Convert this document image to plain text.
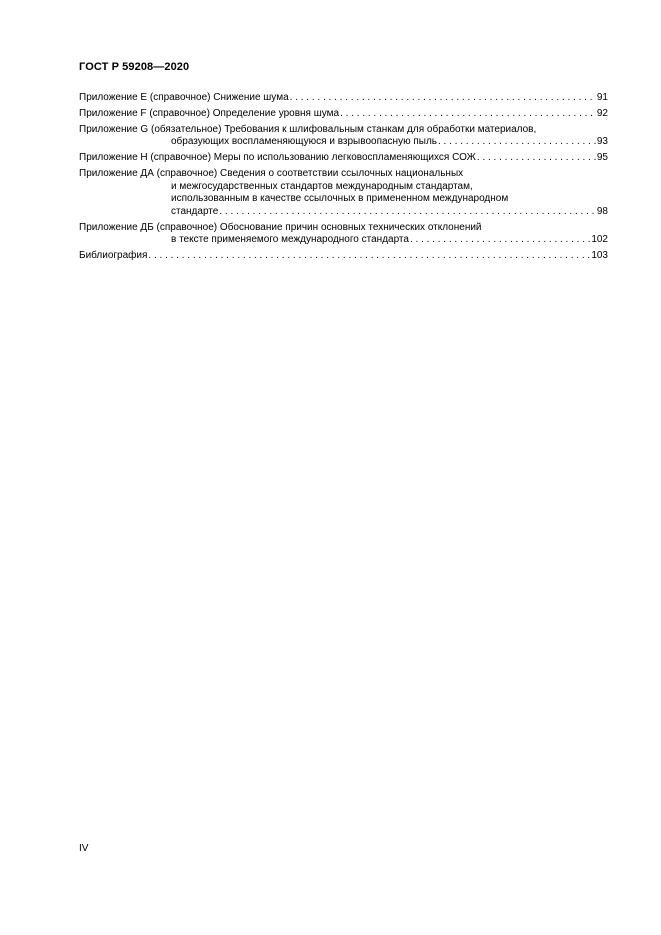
ГОСТ Р 59208—2020
Приложение E (справочное) Снижение шума . . .	91
Приложение F (справочное) Определение уровня шума . . .	92
Приложение G (обязательное) Требования к шлифовальным станкам для обработки материалов,
образующих воспламеняющуюся и взрывоопасную пыль . . .	93
Приложение H (справочное) Меры по использованию легковоспламеняющихся СОЖ . . .	95
Приложение ДА (справочное) Сведения о соответствии ссылочных национальных
и межгосударственных стандартов международным стандартам,
использованным в качестве ссылочных в примененном международном
стандарте . . .	98
Приложение ДБ (справочное) Обоснование причин основных технических отклонений
в тексте применяемого международного стандарта . . .	102
Библиография . . .	103
IV
